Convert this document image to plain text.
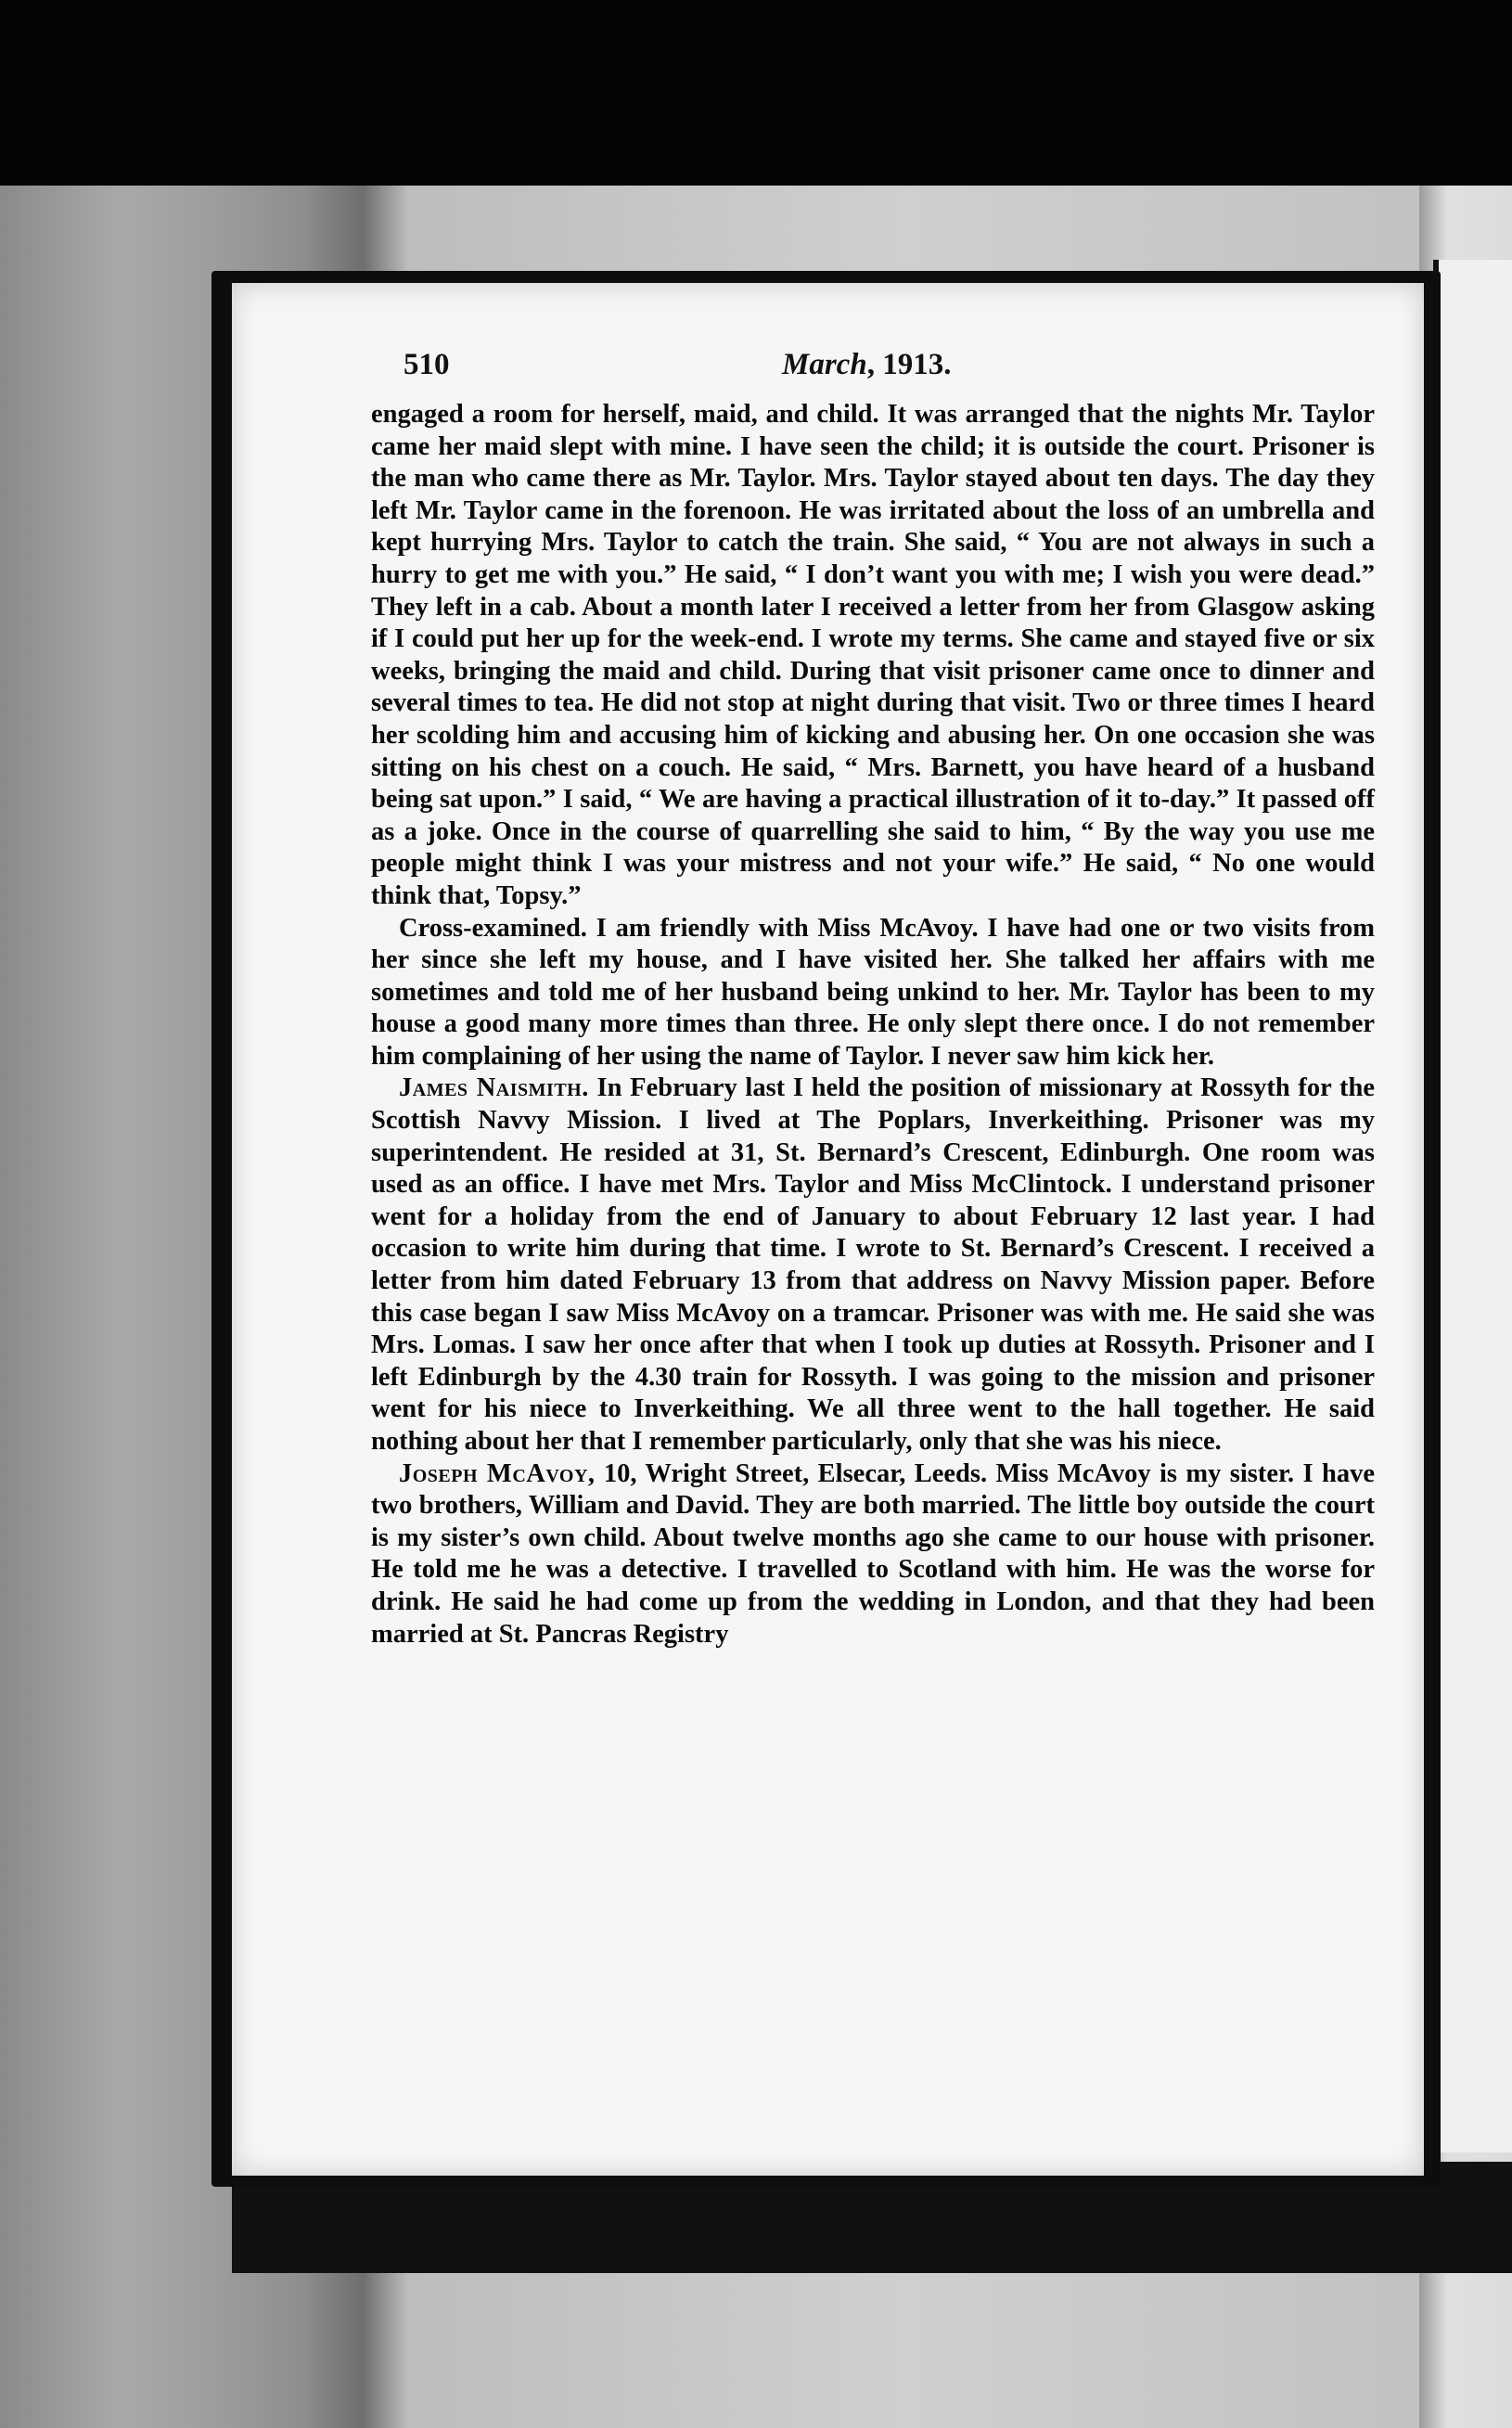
510	March, 1913.

engaged a room for herself, maid, and child. It was arranged that the nights Mr. Taylor came her maid slept with mine. I have seen the child; it is outside the court. Prisoner is the man who came there as Mr. Taylor. Mrs. Taylor stayed about ten days. The day they left Mr. Taylor came in the forenoon. He was irritated about the loss of an umbrella and kept hurrying Mrs. Taylor to catch the train. She said, “ You are not always in such a hurry to get me with you.” He said, “ I don’t want you with me; I wish you were dead.” They left in a cab. About a month later I received a letter from her from Glasgow asking if I could put her up for the week-end. I wrote my terms. She came and stayed five or six weeks, bringing the maid and child. During that visit prisoner came once to dinner and several times to tea. He did not stop at night during that visit. Two or three times I heard her scolding him and accusing him of kicking and abusing her. On one occasion she was sitting on his chest on a couch. He said, “ Mrs. Barnett, you have heard of a husband being sat upon.” I said, “ We are having a practical illustration of it to-day.” It passed off as a joke. Once in the course of quarrelling she said to him, “ By the way you use me people might think I was your mistress and not your wife.” He said, “ No one would think that, Topsy.”

Cross-examined. I am friendly with Miss McAvoy. I have had one or two visits from her since she left my house, and I have visited her. She talked her affairs with me sometimes and told me of her husband being unkind to her. Mr. Taylor has been to my house a good many more times than three. He only slept there once. I do not remember him complaining of her using the name of Taylor. I never saw him kick her.

James Naismith. In February last I held the position of missionary at Rossyth for the Scottish Navvy Mission. I lived at The Poplars, Inverkeithing. Prisoner was my superintendent. He resided at 31, St. Bernard’s Crescent, Edinburgh. One room was used as an office. I have met Mrs. Taylor and Miss McClintock. I understand prisoner went for a holiday from the end of January to about February 12 last year. I had occasion to write him during that time. I wrote to St. Bernard’s Crescent. I received a letter from him dated February 13 from that address on Navvy Mission paper. Before this case began I saw Miss McAvoy on a tramcar. Prisoner was with me. He said she was Mrs. Lomas. I saw her once after that when I took up duties at Rossyth. Prisoner and I left Edinburgh by the 4.30 train for Rossyth. I was going to the mission and prisoner went for his niece to Inverkeithing. We all three went to the hall together. He said nothing about her that I remember particularly, only that she was his niece.

Joseph McAvoy, 10, Wright Street, Elsecar, Leeds. Miss McAvoy is my sister. I have two brothers, William and David. They are both married. The little boy outside the court is my sister’s own child. About twelve months ago she came to our house with prisoner. He told me he was a detective. I travelled to Scotland with him. He was the worse for drink. He said he had come up from the wedding in London, and that they had been married at St. Pancras Registry
